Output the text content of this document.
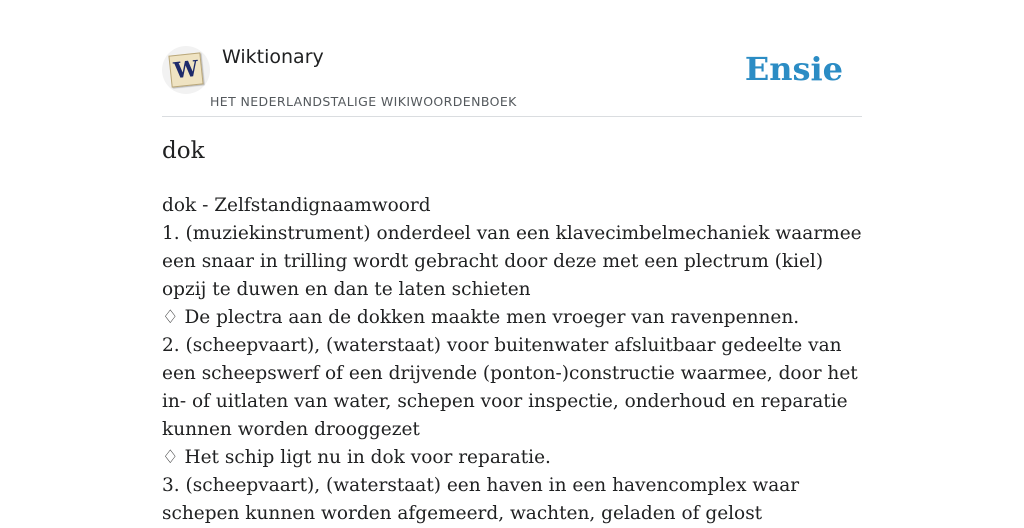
W Wiktionary
HET NEDERLANDSTALIGE WIKIWOORDENBOEK
Ensie
dok

dok - Zelfstandignaamwoord

1. (muziekinstrument) onderdeel van een klavecimbelmechaniek waarmee een snaar in trilling wordt gebracht door deze met een plectrum (kiel) opzij te duwen en dan te laten schieten

♢ De plectra aan de dokken maakte men vroeger van ravenpennen.

2. (scheepvaart), (waterstaat) voor buitenwater afsluitbaar gedeelte van een scheepswerf of een drijvende (ponton-)constructie waarmee, door het in- of uitlaten van water, schepen voor inspectie, onderhoud en reparatie kunnen worden drooggezet

♢ Het schip ligt nu in dok voor reparatie.

3. (scheepvaart), (waterstaat) een haven in een havencomplex waar schepen kunnen worden afgemeerd, wachten, geladen of gelost
